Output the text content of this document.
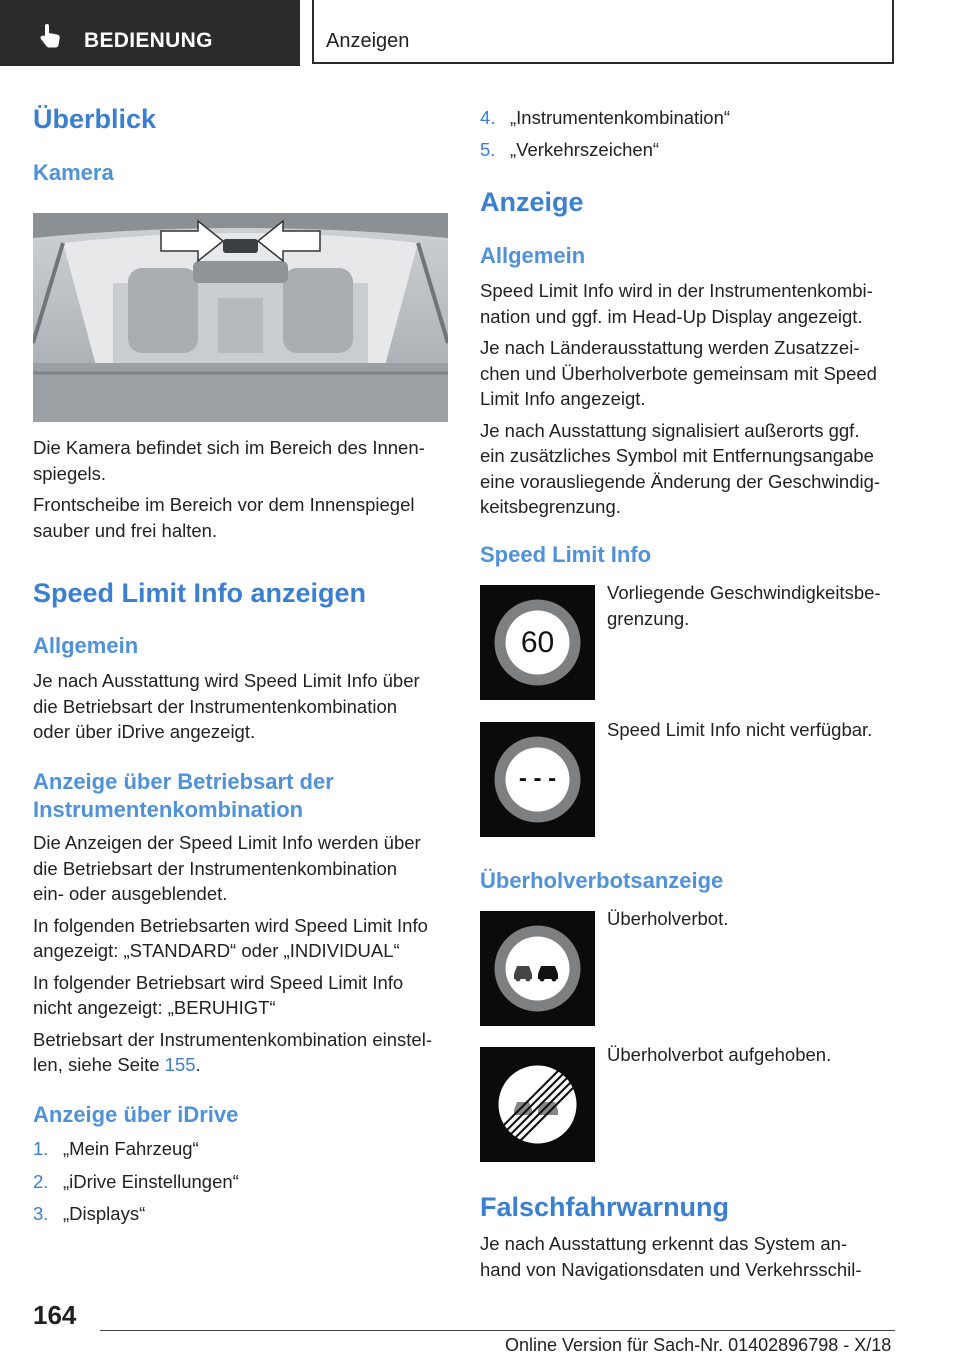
BEDIENUNG	Anzeigen
Überblick
Kamera
Die Kamera befindet sich im Bereich des Innen-
spiegels.
Frontscheibe im Bereich vor dem Innenspiegel
sauber und frei halten.
Speed Limit Info anzeigen
Allgemein
Je nach Ausstattung wird Speed Limit Info über
die Betriebsart der Instrumentenkombination
oder über iDrive angezeigt.
Anzeige über Betriebsart der
Instrumentenkombination
Die Anzeigen der Speed Limit Info werden über
die Betriebsart der Instrumentenkombination
ein- oder ausgeblendet.
In folgenden Betriebsarten wird Speed Limit Info
angezeigt: „STANDARD“ oder „INDIVIDUAL“
In folgender Betriebsart wird Speed Limit Info
nicht angezeigt: „BERUHIGT“
Betriebsart der Instrumentenkombination einstel-
len, siehe Seite 155.
Anzeige über iDrive
1. „Mein Fahrzeug“
2. „iDrive Einstellungen“
3. „Displays“
4. „Instrumentenkombination“
5. „Verkehrszeichen“
Anzeige
Allgemein
Speed Limit Info wird in der Instrumentenkombi-
nation und ggf. im Head-Up Display angezeigt.
Je nach Länderausstattung werden Zusatzzei-
chen und Überholverbote gemeinsam mit Speed
Limit Info angezeigt.
Je nach Ausstattung signalisiert außerorts ggf.
ein zusätzliches Symbol mit Entfernungsangabe
eine vorausliegende Änderung der Geschwindig-
keitsbegrenzung.
Speed Limit Info
60
Vorliegende Geschwindigkeitsbe-
grenzung.
- - -
Speed Limit Info nicht verfügbar.
Überholverbotsanzeige
Überholverbot.
Überholverbot aufgehoben.
Falschfahrwarnung
Je nach Ausstattung erkennt das System an-
hand von Navigationsdaten und Verkehrsschil-
164
Online Version für Sach-Nr. 01402896798 - X/18
